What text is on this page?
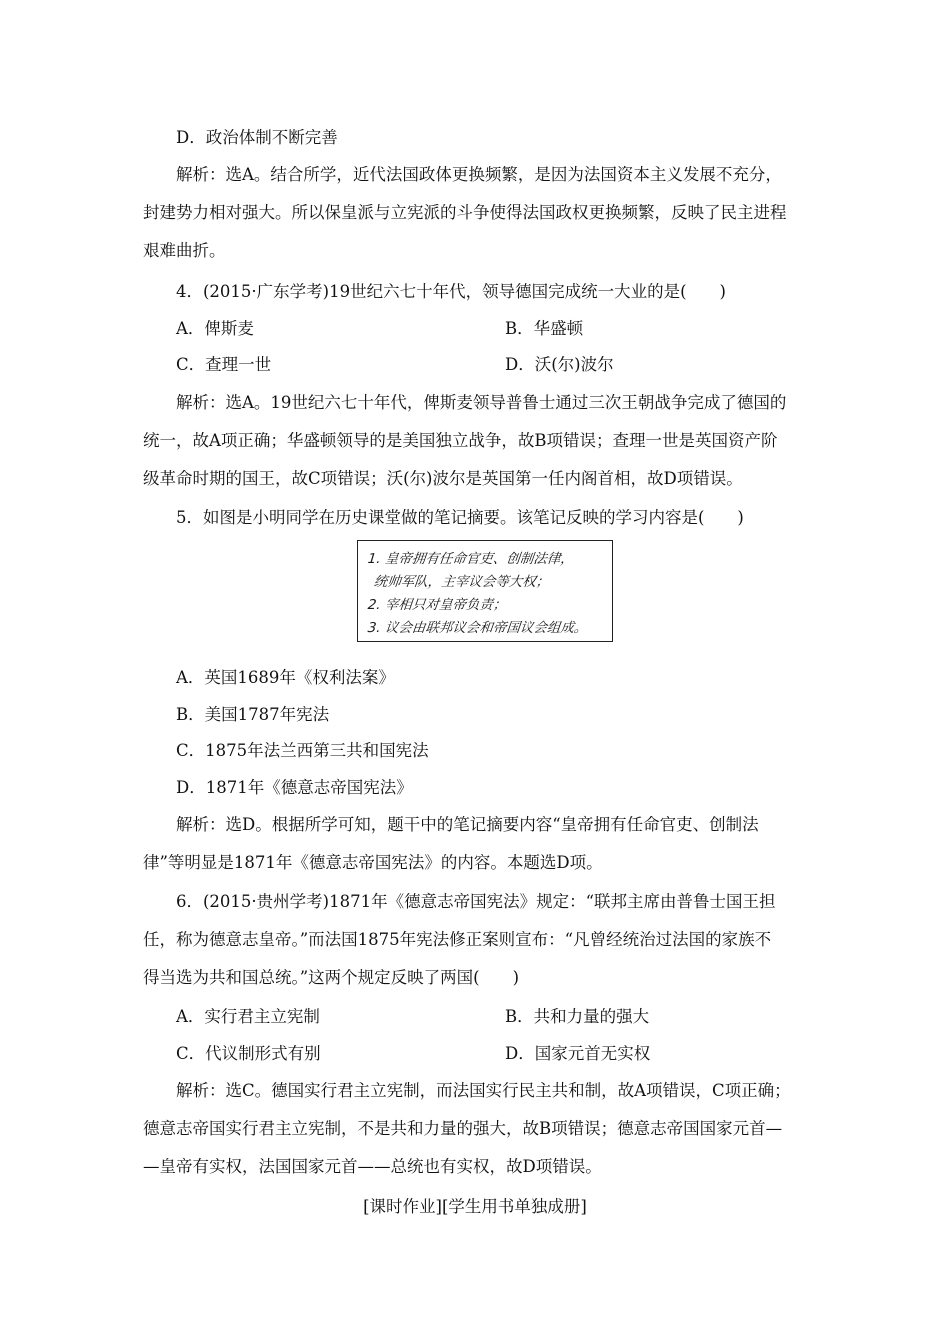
D．政治体制不断完善
解析：选A。结合所学，近代法国政体更换频繁，是因为法国资本主义发展不充分，
封建势力相对强大。所以保皇派与立宪派的斗争使得法国政权更换频繁，反映了民主进程
艰难曲折。
4．(2015·广东学考)19世纪六七十年代，领导德国完成统一大业的是(　　)
A．俾斯麦	B．华盛顿
C．查理一世	D．沃(尔)波尔
解析：选A。19世纪六七十年代，俾斯麦领导普鲁士通过三次王朝战争完成了德国的
统一，故A项正确；华盛顿领导的是美国独立战争，故B项错误；查理一世是英国资产阶
级革命时期的国王，故C项错误；沃(尔)波尔是英国第一任内阁首相，故D项错误。
5．如图是小明同学在历史课堂做的笔记摘要。该笔记反映的学习内容是(　　)
1. 皇帝拥有任命官吏、创制法律，
统帅军队，主宰议会等大权；
2. 宰相只对皇帝负责；
3. 议会由联邦议会和帝国议会组成。
A．英国1689年《权利法案》
B．美国1787年宪法
C．1875年法兰西第三共和国宪法
D．1871年《德意志帝国宪法》
解析：选D。根据所学可知，题干中的笔记摘要内容“皇帝拥有任命官吏、创制法
律”等明显是1871年《德意志帝国宪法》的内容。本题选D项。
6．(2015·贵州学考)1871年《德意志帝国宪法》规定：“联邦主席由普鲁士国王担
任，称为德意志皇帝。”而法国1875年宪法修正案则宣布：“凡曾经统治过法国的家族不
得当选为共和国总统。”这两个规定反映了两国(　　)
A．实行君主立宪制	B．共和力量的强大
C．代议制形式有别	D．国家元首无实权
解析：选C。德国实行君主立宪制，而法国实行民主共和制，故A项错误，C项正确；
德意志帝国实行君主立宪制，不是共和力量的强大，故B项错误；德意志帝国国家元首—
—皇帝有实权，法国国家元首——总统也有实权，故D项错误。
[课时作业][学生用书单独成册]
